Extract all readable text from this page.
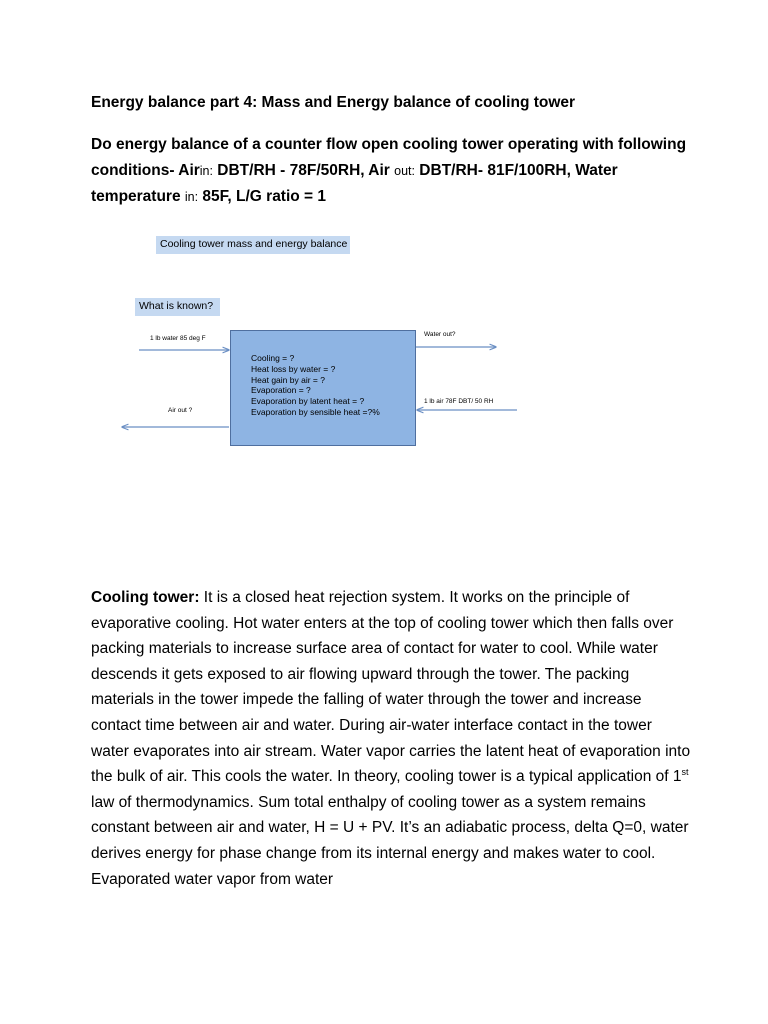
Energy balance part 4: Mass and Energy balance of cooling tower
Do energy balance of a counter flow open cooling tower operating with following conditions- Airin: DBT/RH - 78F/50RH, Air out: DBT/RH- 81F/100RH, Water temperature in: 85F, L/G ratio = 1
Cooling tower mass and energy balance
What is known?
1 lb water 85 deg F
Water out?
1 lb air 78F DBT/ 50 RH
Air out ?
Cooling = ?
Heat loss by water = ?
Heat gain by air = ?
Evaporation = ?
Evaporation by latent heat = ?
Evaporation by sensible heat =?%
Cooling tower: It is a closed heat rejection system. It works on the principle of evaporative cooling. Hot water enters at the top of cooling tower which then falls over packing materials to increase surface area of contact for water to cool. While water descends it gets exposed to air flowing upward through the tower. The packing materials in the tower impede the falling of water through the tower and increase contact time between air and water. During air-water interface contact in the tower water evaporates into air stream. Water vapor carries the latent heat of evaporation into the bulk of air. This cools the water. In theory, cooling tower is a typical application of 1st law of thermodynamics. Sum total enthalpy of cooling tower as a system remains constant between air and water, H = U + PV. It’s an adiabatic process, delta Q=0, water derives energy for phase change from its internal energy and makes water to cool. Evaporated water vapor from water
